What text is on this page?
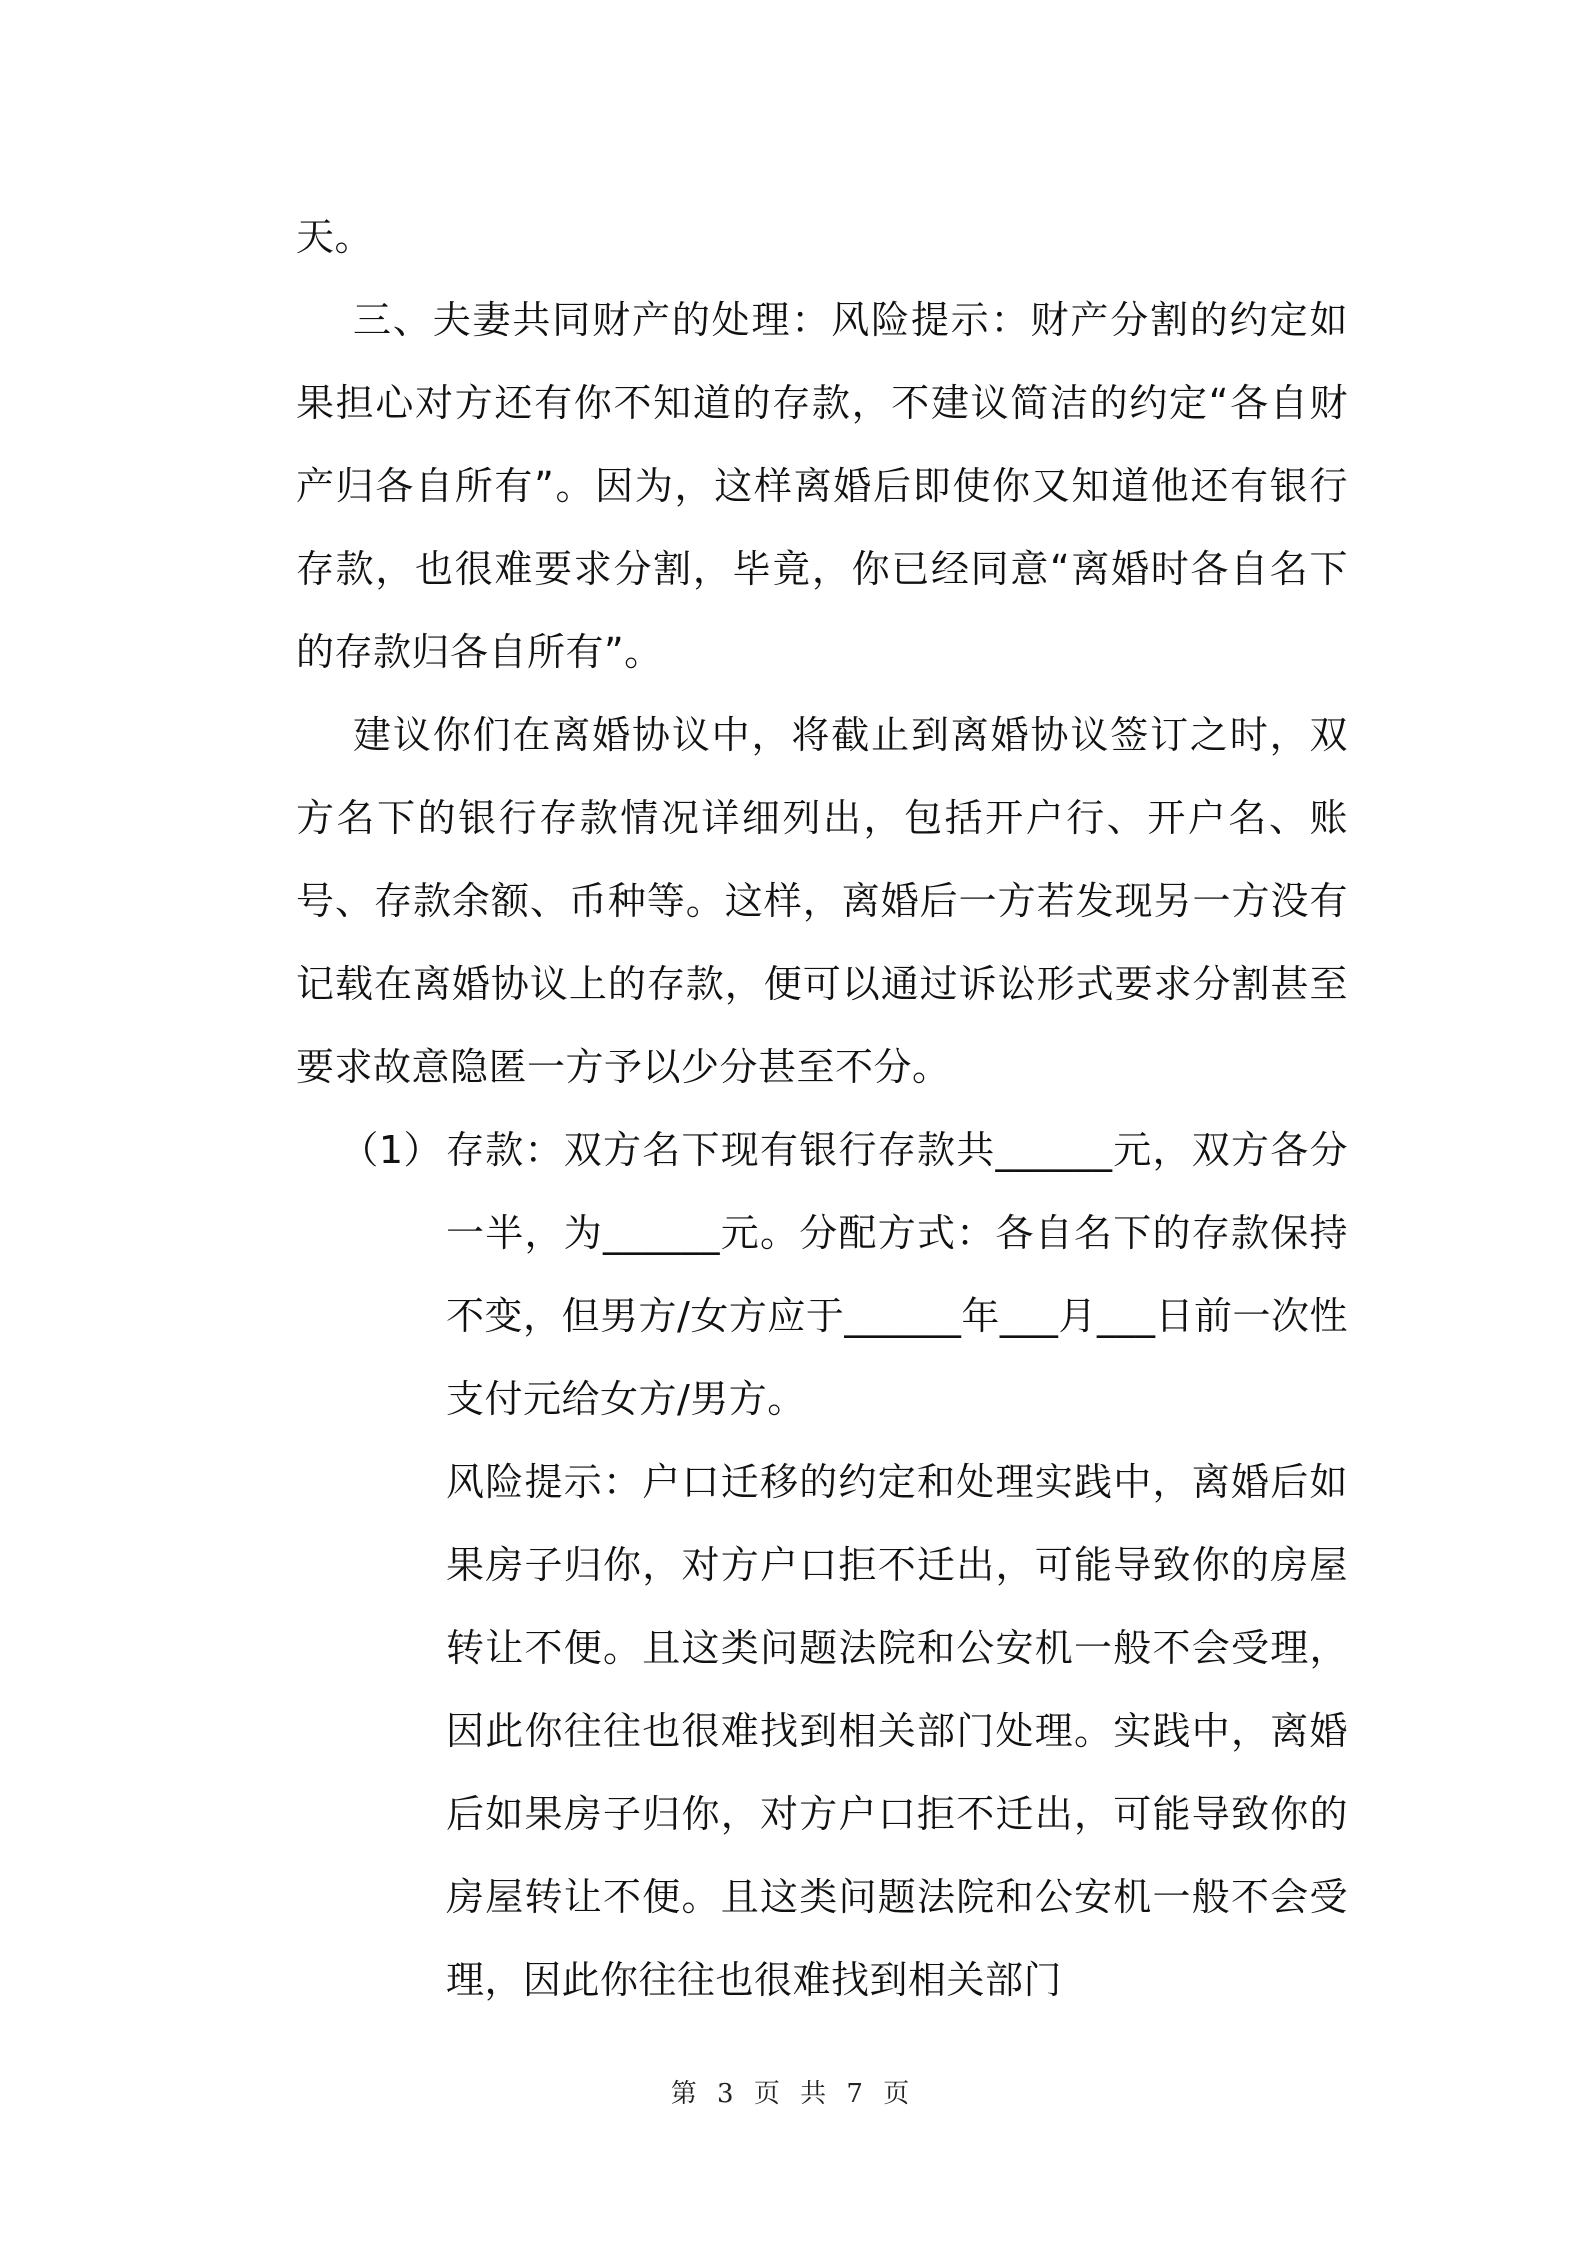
天。

三、夫妻共同财产的处理：风险提示：财产分割的约定如果担心对方还有你不知道的存款，不建议简洁的约定“各自财产归各自所有”。因为，这样离婚后即使你又知道他还有银行存款，也很难要求分割，毕竟，你已经同意“离婚时各自名下的存款归各自所有”。

建议你们在离婚协议中，将截止到离婚协议签订之时，双方名下的银行存款情况详细列出，包括开户行、开户名、账号、存款余额、币种等。这样，离婚后一方若发现另一方没有记载在离婚协议上的存款，便可以通过诉讼形式要求分割甚至要求故意隐匿一方予以少分甚至不分。

（1） 存款：双方名下现有银行存款共______元，双方各分一半，为______元。分配方式：各自名下的存款保持不变，但男方/女方应于______年___月___日前一次性支付元给女方/男方。

风险提示：户口迁移的约定和处理实践中，离婚后如果房子归你，对方户口拒不迁出，可能导致你的房屋转让不便。且这类问题法院和公安机一般不会受理，因此你往往也很难找到相关部门处理。实践中，离婚后如果房子归你，对方户口拒不迁出，可能导致你的房屋转让不便。且这类问题法院和公安机一般不会受理，因此你往往也很难找到相关部门

第 3 页 共 7 页
